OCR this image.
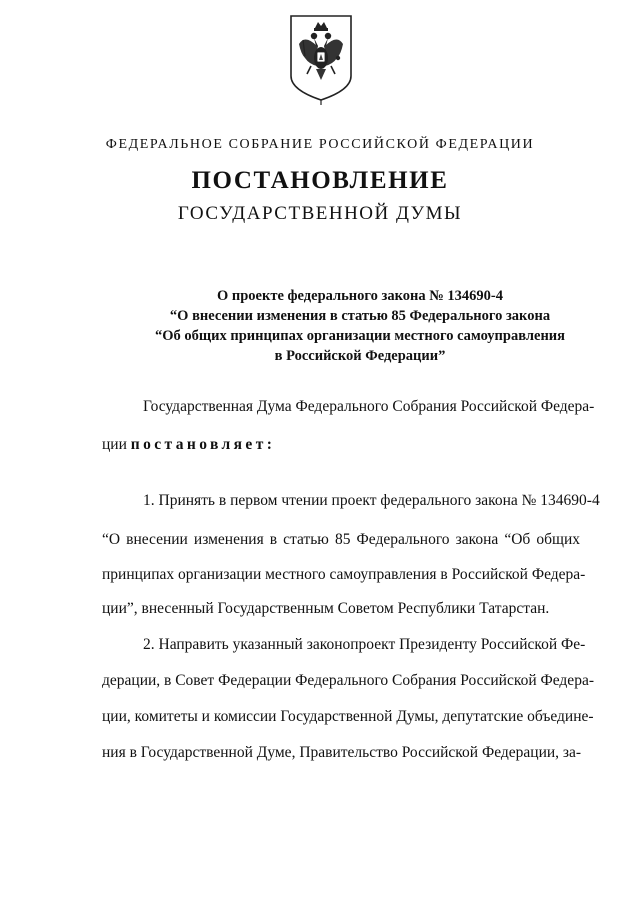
ФЕДЕРАЛЬНОЕ СОБРАНИЕ РОССИЙСКОЙ ФЕДЕРАЦИИ
ПОСТАНОВЛЕНИЕ
ГОСУДАРСТВЕННОЙ ДУМЫ
О проекте федерального закона № 134690-4
“О внесении изменения в статью 85 Федерального закона
“Об общих принципах организации местного самоуправления
в Российской Федерации”
Государственная Дума Федерального Собрания Российской Федера-
ции постановляет:
1. Принять в первом чтении проект федерального закона № 134690-4
“О внесении изменения в статью 85 Федерального закона “Об общих
принципах организации местного самоуправления в Российской Федера-
ции”, внесенный Государственным Советом Республики Татарстан.
2. Направить указанный законопроект Президенту Российской Фе-
дерации, в Совет Федерации Федерального Собрания Российской Федера-
ции, комитеты и комиссии Государственной Думы, депутатские объедине-
ния в Государственной Думе, Правительство Российской Федерации, за-
